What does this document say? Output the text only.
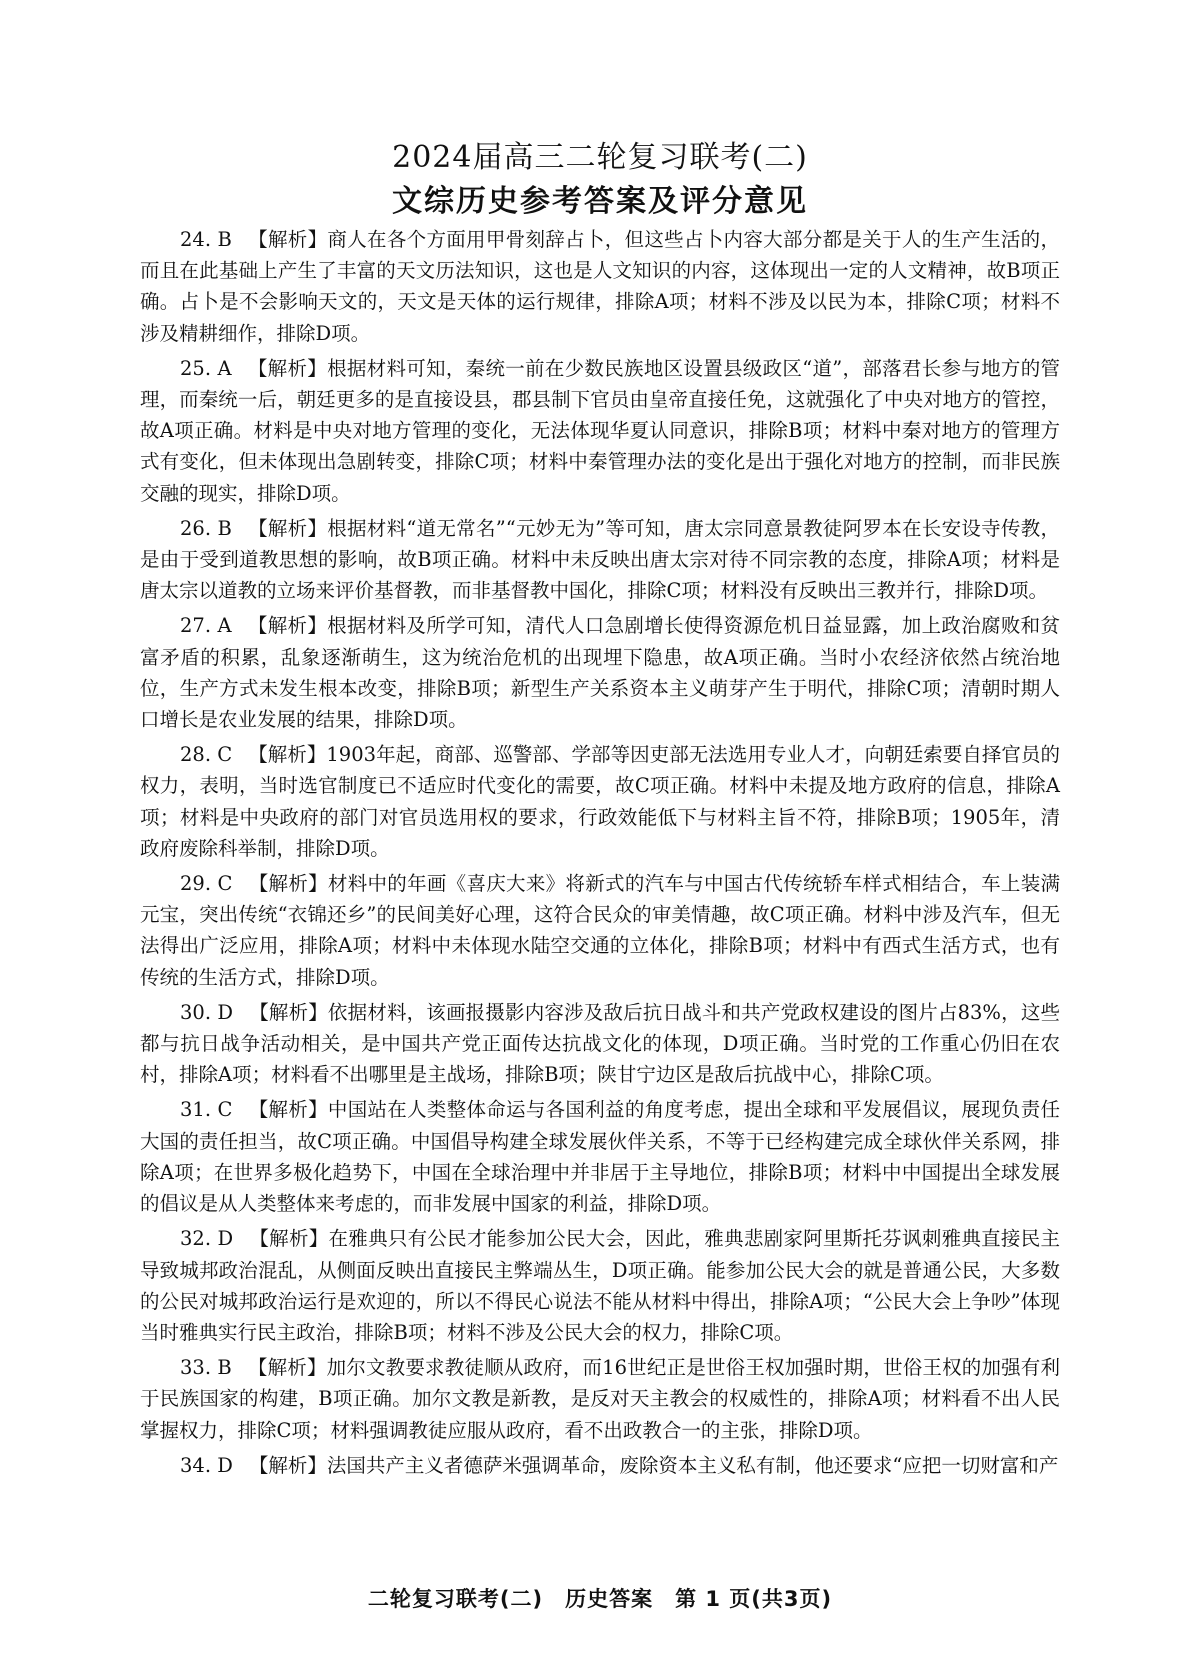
2024届高三二轮复习联考(二)
文综历史参考答案及评分意见

24. B 【解析】商人在各个方面用甲骨刻辞占卜，但这些占卜内容大部分都是关于人的生产生活的，而且在此基础上产生了丰富的天文历法知识，这也是人文知识的内容，这体现出一定的人文精神，故B项正确。占卜是不会影响天文的，天文是天体的运行规律，排除A项；材料不涉及以民为本，排除C项；材料不涉及精耕细作，排除D项。

25. A 【解析】根据材料可知，秦统一前在少数民族地区设置县级政区“道”，部落君长参与地方的管理，而秦统一后，朝廷更多的是直接设县，郡县制下官员由皇帝直接任免，这就强化了中央对地方的管控，故A项正确。材料是中央对地方管理的变化，无法体现华夏认同意识，排除B项；材料中秦对地方的管理方式有变化，但未体现出急剧转变，排除C项；材料中秦管理办法的变化是出于强化对地方的控制，而非民族交融的现实，排除D项。

26. B 【解析】根据材料“道无常名”“元妙无为”等可知，唐太宗同意景教徒阿罗本在长安设寺传教，是由于受到道教思想的影响，故B项正确。材料中未反映出唐太宗对待不同宗教的态度，排除A项；材料是唐太宗以道教的立场来评价基督教，而非基督教中国化，排除C项；材料没有反映出三教并行，排除D项。

27. A 【解析】根据材料及所学可知，清代人口急剧增长使得资源危机日益显露，加上政治腐败和贫富矛盾的积累，乱象逐渐萌生，这为统治危机的出现埋下隐患，故A项正确。当时小农经济依然占统治地位，生产方式未发生根本改变，排除B项；新型生产关系资本主义萌芽产生于明代，排除C项；清朝时期人口增长是农业发展的结果，排除D项。

28. C 【解析】1903年起，商部、巡警部、学部等因吏部无法选用专业人才，向朝廷索要自择官员的权力，表明，当时选官制度已不适应时代变化的需要，故C项正确。材料中未提及地方政府的信息，排除A项；材料是中央政府的部门对官员选用权的要求，行政效能低下与材料主旨不符，排除B项；1905年，清政府废除科举制，排除D项。

29. C 【解析】材料中的年画《喜庆大来》将新式的汽车与中国古代传统轿车样式相结合，车上装满元宝，突出传统“衣锦还乡”的民间美好心理，这符合民众的审美情趣，故C项正确。材料中涉及汽车，但无法得出广泛应用，排除A项；材料中未体现水陆空交通的立体化，排除B项；材料中有西式生活方式，也有传统的生活方式，排除D项。

30. D 【解析】依据材料，该画报摄影内容涉及敌后抗日战斗和共产党政权建设的图片占83%，这些都与抗日战争活动相关，是中国共产党正面传达抗战文化的体现，D项正确。当时党的工作重心仍旧在农村，排除A项；材料看不出哪里是主战场，排除B项；陕甘宁边区是敌后抗战中心，排除C项。

31. C 【解析】中国站在人类整体命运与各国利益的角度考虑，提出全球和平发展倡议，展现负责任大国的责任担当，故C项正确。中国倡导构建全球发展伙伴关系，不等于已经构建完成全球伙伴关系网，排除A项；在世界多极化趋势下，中国在全球治理中并非居于主导地位，排除B项；材料中中国提出全球发展的倡议是从人类整体来考虑的，而非发展中国家的利益，排除D项。

32. D 【解析】在雅典只有公民才能参加公民大会，因此，雅典悲剧家阿里斯托芬讽刺雅典直接民主导致城邦政治混乱，从侧面反映出直接民主弊端丛生，D项正确。能参加公民大会的就是普通公民，大多数的公民对城邦政治运行是欢迎的，所以不得民心说法不能从材料中得出，排除A项；“公民大会上争吵”体现当时雅典实行民主政治，排除B项；材料不涉及公民大会的权力，排除C项。

33. B 【解析】加尔文教要求教徒顺从政府，而16世纪正是世俗王权加强时期，世俗王权的加强有利于民族国家的构建，B项正确。加尔文教是新教，是反对天主教会的权威性的，排除A项；材料看不出人民掌握权力，排除C项；材料强调教徒应服从政府，看不出政教合一的主张，排除D项。

34. D 【解析】法国共产主义者德萨米强调革命，废除资本主义私有制，他还要求“应把一切财富和产

二轮复习联考(二)　历史答案　第 1 页(共3页)
